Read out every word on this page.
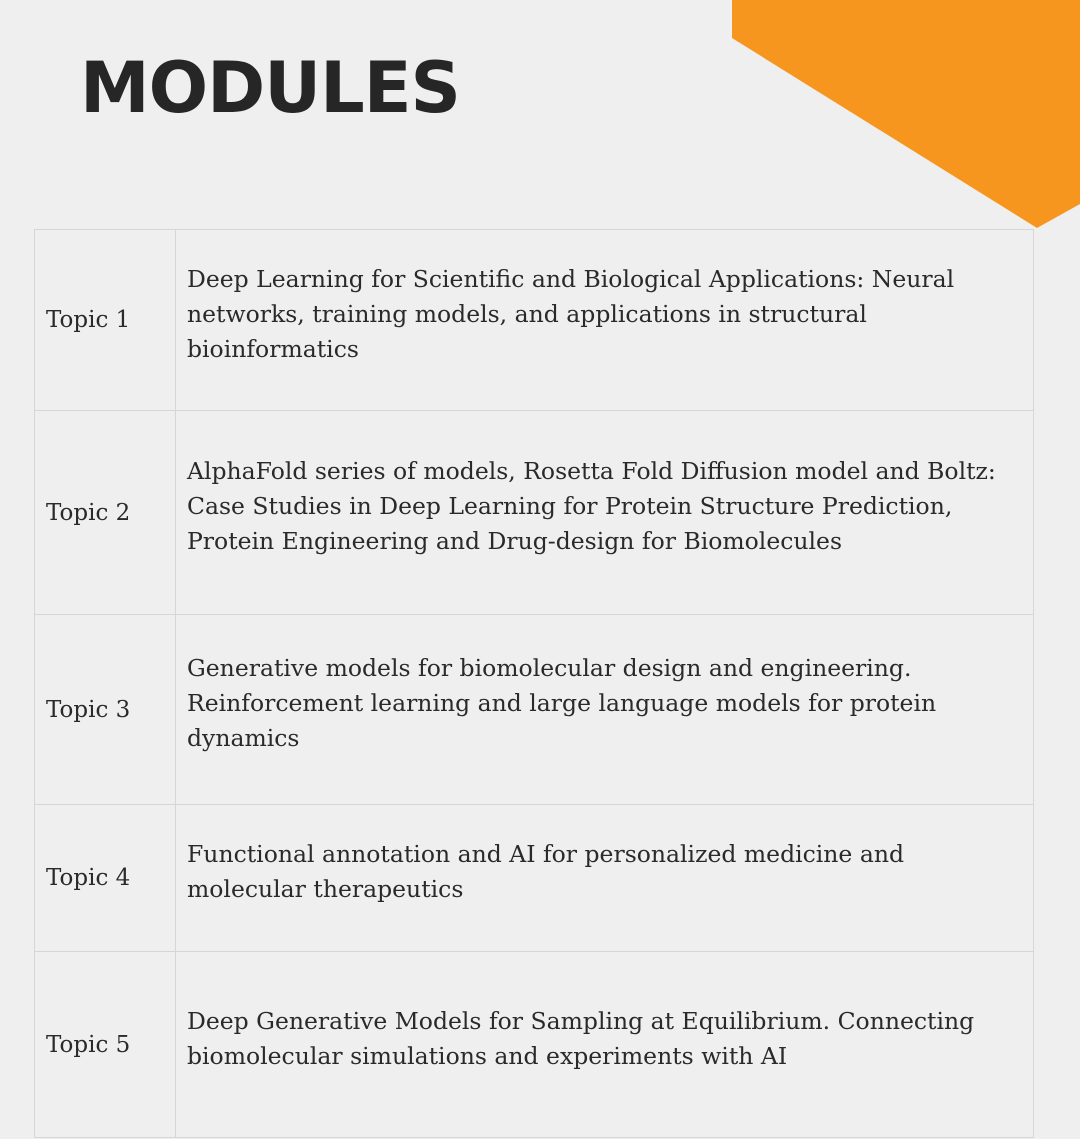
MODULES
Topic 1	Deep Learning for Scientific and Biological Applications: Neural networks, training models, and applications in structural bioinformatics

Topic 2	AlphaFold series of models, Rosetta Fold Diffusion model and Boltz: Case Studies in Deep Learning for Protein Structure Prediction, Protein Engineering and Drug-design for Biomolecules

Topic 3	Generative models for biomolecular design and engineering. Reinforcement learning and large language models for protein dynamics

Topic 4	Functional annotation and AI for personalized medicine and molecular therapeutics

Topic 5	Deep Generative Models for Sampling at Equilibrium. Connecting biomolecular simulations and experiments with AI
